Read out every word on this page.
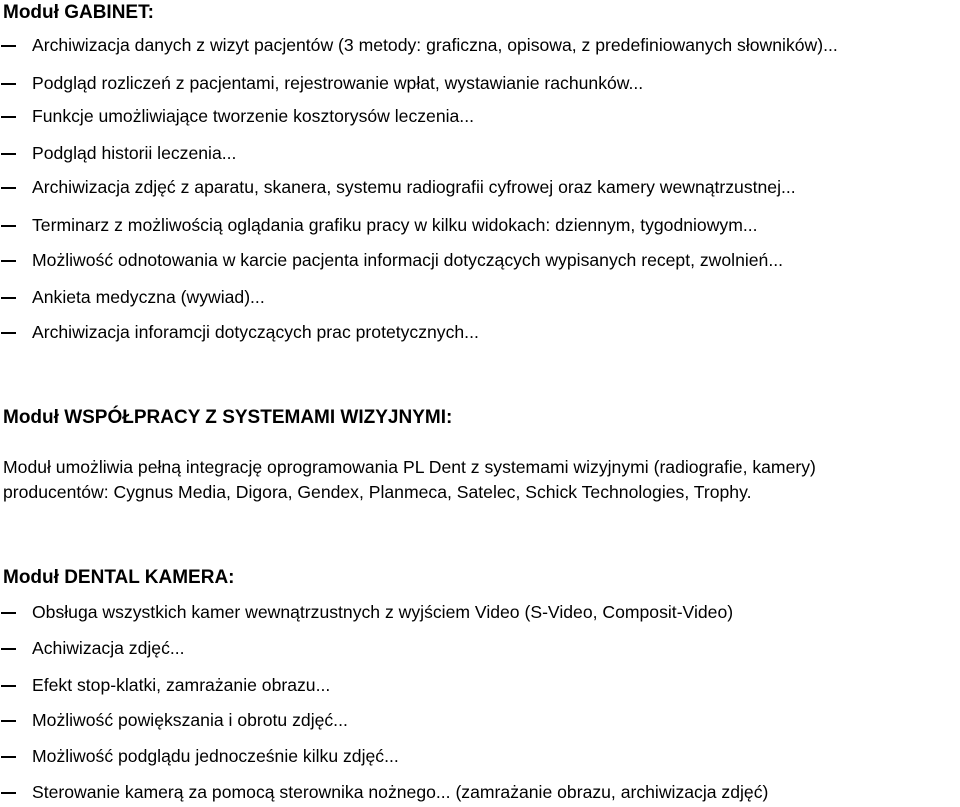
Moduł GABINET:
Archiwizacja danych z wizyt pacjentów (3 metody: graficzna, opisowa, z predefiniowanych słowników)...
Podgląd rozliczeń z pacjentami, rejestrowanie wpłat, wystawianie rachunków...
Funkcje umożliwiające tworzenie kosztorysów leczenia...
Podgląd historii leczenia...
Archiwizacja zdjęć z aparatu, skanera, systemu radiografii cyfrowej oraz kamery wewnątrzustnej...
Terminarz z możliwością oglądania grafiku pracy w kilku widokach: dziennym, tygodniowym...
Możliwość odnotowania w karcie pacjenta informacji dotyczących wypisanych recept, zwolnień...
Ankieta medyczna (wywiad)...
Archiwizacja inforamcji dotyczących prac protetycznych...
Moduł WSPÓŁPRACY Z SYSTEMAMI WIZYJNYMI:
Moduł umożliwia pełną integrację oprogramowania PL Dent z systemami wizyjnymi (radiografie, kamery)
producentów: Cygnus Media, Digora, Gendex, Planmeca, Satelec, Schick Technologies, Trophy.
Moduł DENTAL KAMERA:
Obsługa wszystkich kamer wewnątrzustnych z wyjściem Video (S-Video, Composit-Video)
Achiwizacja zdjęć...
Efekt stop-klatki, zamrażanie obrazu...
Możliwość powiększania i obrotu zdjęć...
Możliwość podglądu jednocześnie kilku zdjęć...
Sterowanie kamerą za pomocą sterownika nożnego... (zamrażanie obrazu, archiwizacja zdjęć)
